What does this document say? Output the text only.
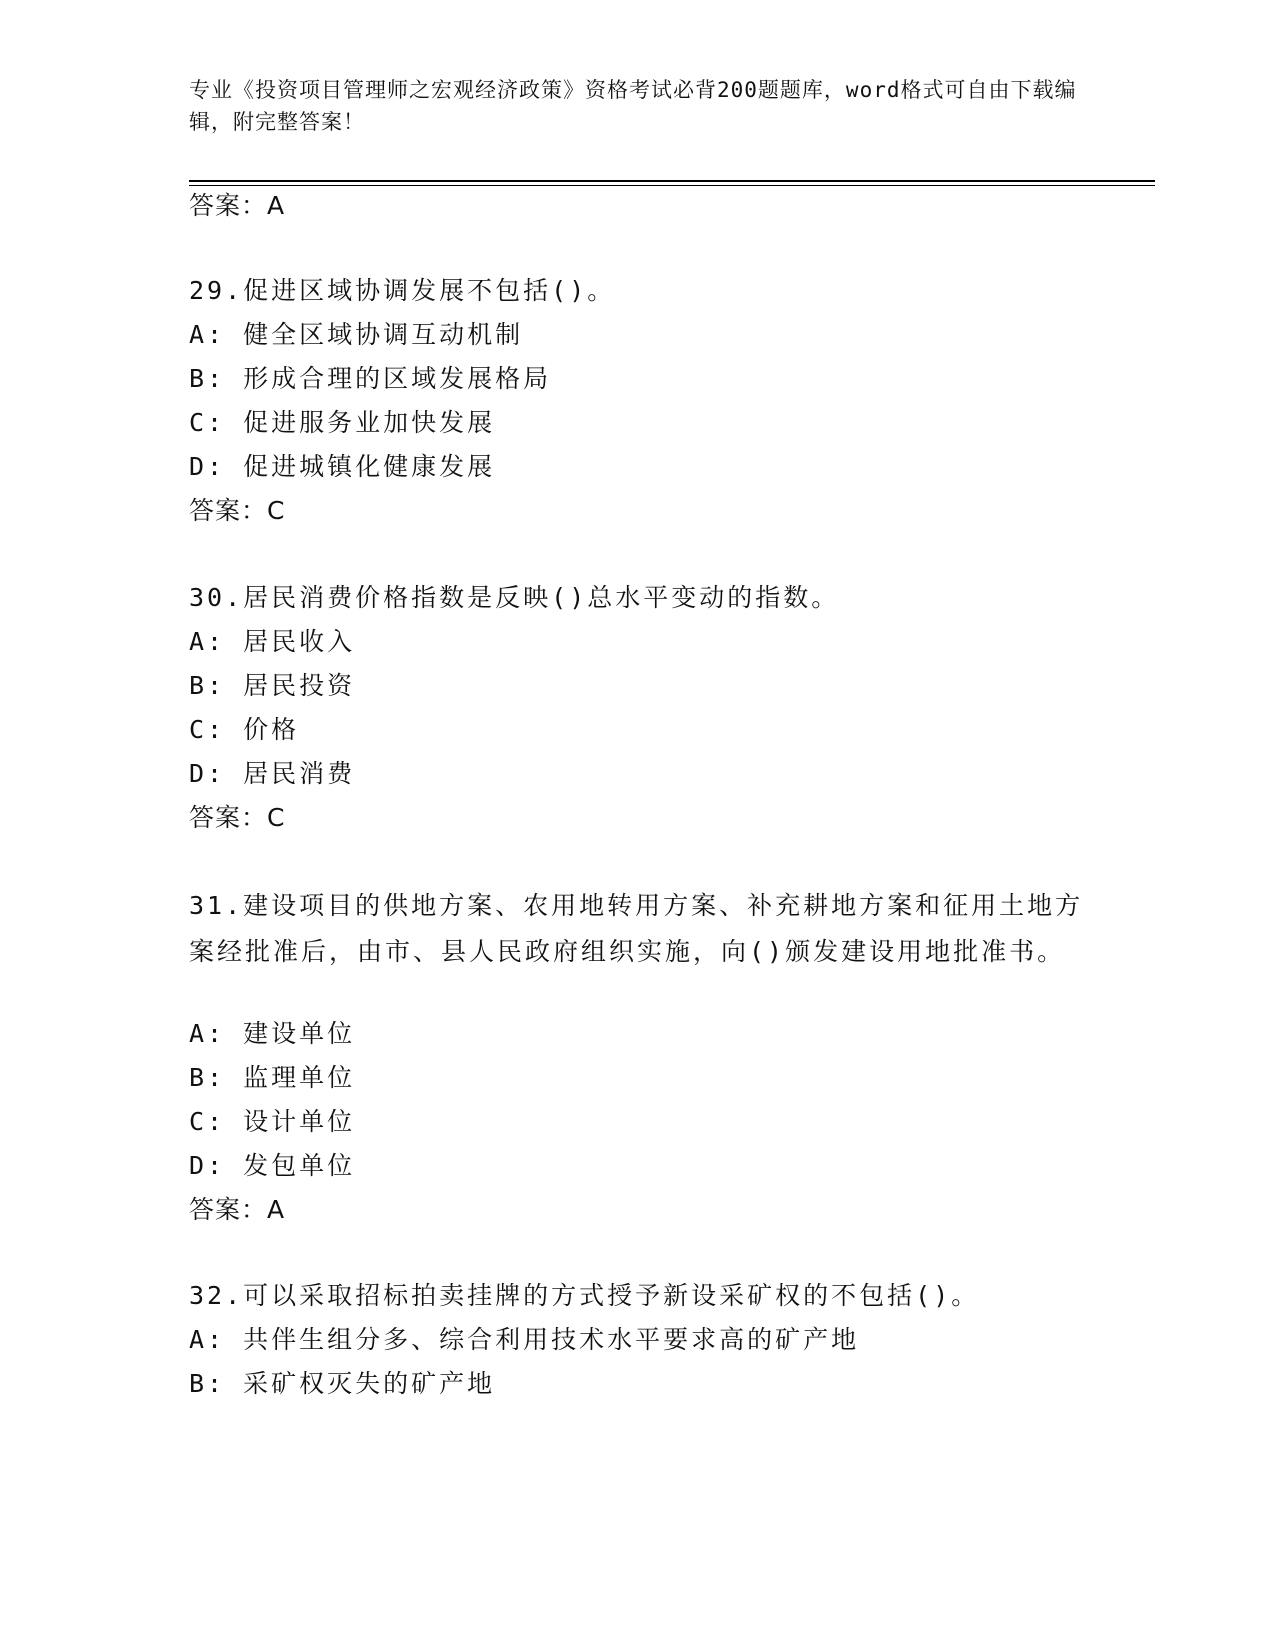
专业《投资项目管理师之宏观经济政策》资格考试必背200题题库，word格式可自由下载编辑，附完整答案！
答案：A
29.促进区域协调发展不包括()。
A: 健全区域协调互动机制
B: 形成合理的区域发展格局
C: 促进服务业加快发展
D: 促进城镇化健康发展
答案：C
30.居民消费价格指数是反映()总水平变动的指数。
A: 居民收入
B: 居民投资
C: 价格
D: 居民消费
答案：C
31.建设项目的供地方案、农用地转用方案、补充耕地方案和征用土地方案经批准后，由市、县人民政府组织实施，向()颁发建设用地批准书。
A: 建设单位
B: 监理单位
C: 设计单位
D: 发包单位
答案：A
32.可以采取招标拍卖挂牌的方式授予新设采矿权的不包括()。
A: 共伴生组分多、综合利用技术水平要求高的矿产地
B: 采矿权灭失的矿产地
